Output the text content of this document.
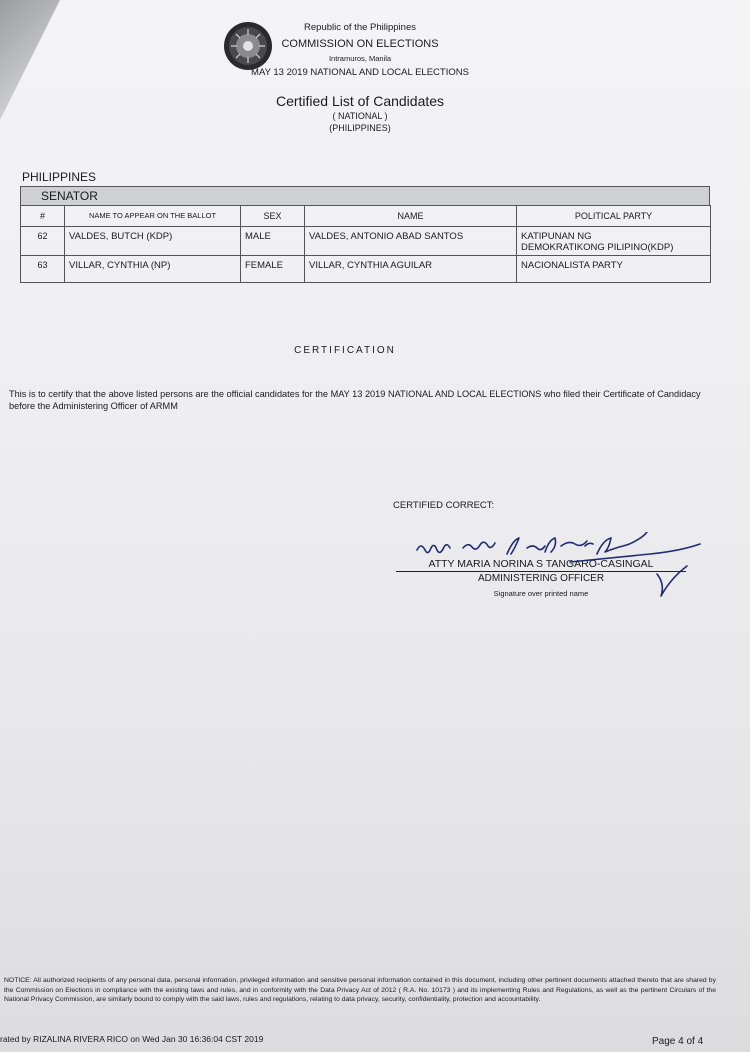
Republic of the Philippines
COMMISSION ON ELECTIONS
Intramuros, Manila
MAY 13 2019 NATIONAL AND LOCAL ELECTIONS
Certified List of Candidates
( NATIONAL )
(PHILIPPINES)
PHILIPPINES
SENATOR
#	NAME TO APPEAR ON THE BALLOT	SEX	NAME	POLITICAL PARTY
62	VALDES, BUTCH (KDP)	MALE	VALDES, ANTONIO ABAD SANTOS	KATIPUNAN NG
DEMOKRATIKONG PILIPINO(KDP)

63	VILLAR, CYNTHIA (NP)	FEMALE	VILLAR, CYNTHIA AGUILAR	NACIONALISTA PARTY
CERTIFICATION
This is to certify that the above listed persons are the official candidates for the MAY 13 2019 NATIONAL AND LOCAL ELECTIONS who filed their Certificate of Candidacy before the Administering Officer of ARMM
CERTIFIED CORRECT:
ATTY MARIA NORINA S TANGARO-CASINGAL
ADMINISTERING OFFICER
Signature over printed name
NOTICE: All authorized recipients of any personal data, personal information, privileged information and sensitive personal information contained in this document, including other pertinent documents attached thereto that are shared by the Commission on Elections in compliance with the existing laws and rules, and in conformity with the Data Privacy Act of 2012 ( R.A. No. 10173 ) and its implementing Rules and Regulations, as well as the pertinent Circulars of the National Privacy Commission, are similarly bound to comply with the said laws, rules and regulations, relating to data privacy, security, confidentiality, protection and accountability.
rated by RIZALINA RIVERA RICO on Wed Jan 30 16:36:04 CST 2019	Page 4 of 4
